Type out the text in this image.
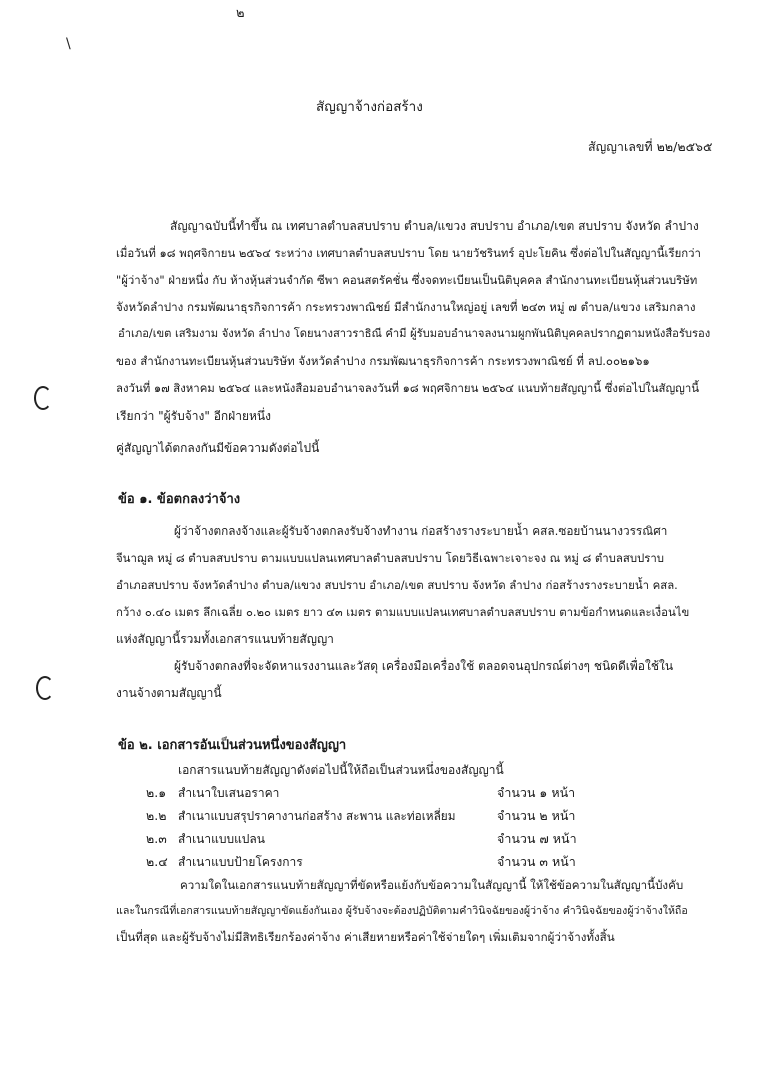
๒
\
สัญญาจ้างก่อสร้าง
สัญญาเลขที่ ๒๒/๒๕๖๕
สัญญาฉบับนี้ทำขึ้น ณ เทศบาลตำบลสบปราบ ตำบล/แขวง สบปราบ อำเภอ/เขต สบปราบ จังหวัด ลำปาง
เมื่อวันที่ ๑๘ พฤศจิกายน ๒๕๖๔ ระหว่าง เทศบาลตำบลสบปราบ โดย นายวัชรินทร์ อุปะโยคิน ซึ่งต่อไปในสัญญานี้เรียกว่า
"ผู้ว่าจ้าง" ฝ่ายหนึ่ง กับ ห้างหุ้นส่วนจำกัด ซีพา คอนสตรัคชั่น ซึ่งจดทะเบียนเป็นนิติบุคคล สำนักงานทะเบียนหุ้นส่วนบริษัท
จังหวัดลำปาง กรมพัฒนาธุรกิจการค้า กระทรวงพาณิชย์ มีสำนักงานใหญ่อยู่ เลขที่ ๒๔๓ หมู่ ๗ ตำบล/แขวง เสริมกลาง
อำเภอ/เขต เสริมงาม จังหวัด ลำปาง โดยนางสาวราธิณี คำมี ผู้รับมอบอำนาจลงนามผูกพันนิติบุคคลปรากฏตามหนังสือรับรอง
ของ สำนักงานทะเบียนหุ้นส่วนบริษัท จังหวัดลำปาง กรมพัฒนาธุรกิจการค้า กระทรวงพาณิชย์ ที่ ลป.๐๐๒๑๖๑
ลงวันที่ ๑๗ สิงหาคม ๒๕๖๔ และหนังสือมอบอำนาจลงวันที่ ๑๘ พฤศจิกายน ๒๕๖๔ แนบท้ายสัญญานี้ ซึ่งต่อไปในสัญญานี้
เรียกว่า "ผู้รับจ้าง" อีกฝ่ายหนึ่ง
คู่สัญญาได้ตกลงกันมีข้อความดังต่อไปนี้
ข้อ ๑. ข้อตกลงว่าจ้าง
ผู้ว่าจ้างตกลงจ้างและผู้รับจ้างตกลงรับจ้างทำงาน ก่อสร้างรางระบายน้ำ คสล.ซอยบ้านนางวรรณิศา
จีนาฌูล หมู่ ๘ ตำบลสบปราบ ตามแบบแปลนเทศบาลตำบลสบปราบ โดยวิธีเฉพาะเจาะจง ณ หมู่ ๘ ตำบลสบปราบ
อำเภอสบปราบ จังหวัดลำปาง ตำบล/แขวง สบปราบ อำเภอ/เขต สบปราบ จังหวัด ลำปาง ก่อสร้างรางระบายน้ำ คสล.
กว้าง ๐.๔๐ เมตร ลึกเฉลี่ย ๐.๒๐ เมตร ยาว ๔๓ เมตร ตามแบบแปลนเทศบาลตำบลสบปราบ ตามข้อกำหนดและเงื่อนไข
แห่งสัญญานี้รวมทั้งเอกสารแนบท้ายสัญญา
ผู้รับจ้างตกลงที่จะจัดหาแรงงานและวัสดุ เครื่องมือเครื่องใช้ ตลอดจนอุปกรณ์ต่างๆ ชนิดดีเพื่อใช้ใน
งานจ้างตามสัญญานี้
ข้อ ๒. เอกสารอันเป็นส่วนหนึ่งของสัญญา
เอกสารแนบท้ายสัญญาดังต่อไปนี้ให้ถือเป็นส่วนหนึ่งของสัญญานี้
๒.๑ สำเนาใบเสนอราคา	จำนวน ๑ หน้า
๒.๒ สำเนาแบบสรุปราคางานก่อสร้าง สะพาน และท่อเหลี่ยม	จำนวน ๒ หน้า
๒.๓ สำเนาแบบแปลน	จำนวน ๗ หน้า
๒.๔ สำเนาแบบป้ายโครงการ	จำนวน ๓ หน้า
ความใดในเอกสารแนบท้ายสัญญาที่ขัดหรือแย้งกับข้อความในสัญญานี้ ให้ใช้ข้อความในสัญญานี้บังคับ
และในกรณีที่เอกสารแนบท้ายสัญญาขัดแย้งกันเอง ผู้รับจ้างจะต้องปฏิบัติตามคำวินิจฉัยของผู้ว่าจ้าง คำวินิจฉัยของผู้ว่าจ้างให้ถือ
เป็นที่สุด และผู้รับจ้างไม่มีสิทธิเรียกร้องค่าจ้าง ค่าเสียหายหรือค่าใช้จ่ายใดๆ เพิ่มเติมจากผู้ว่าจ้างทั้งสิ้น
